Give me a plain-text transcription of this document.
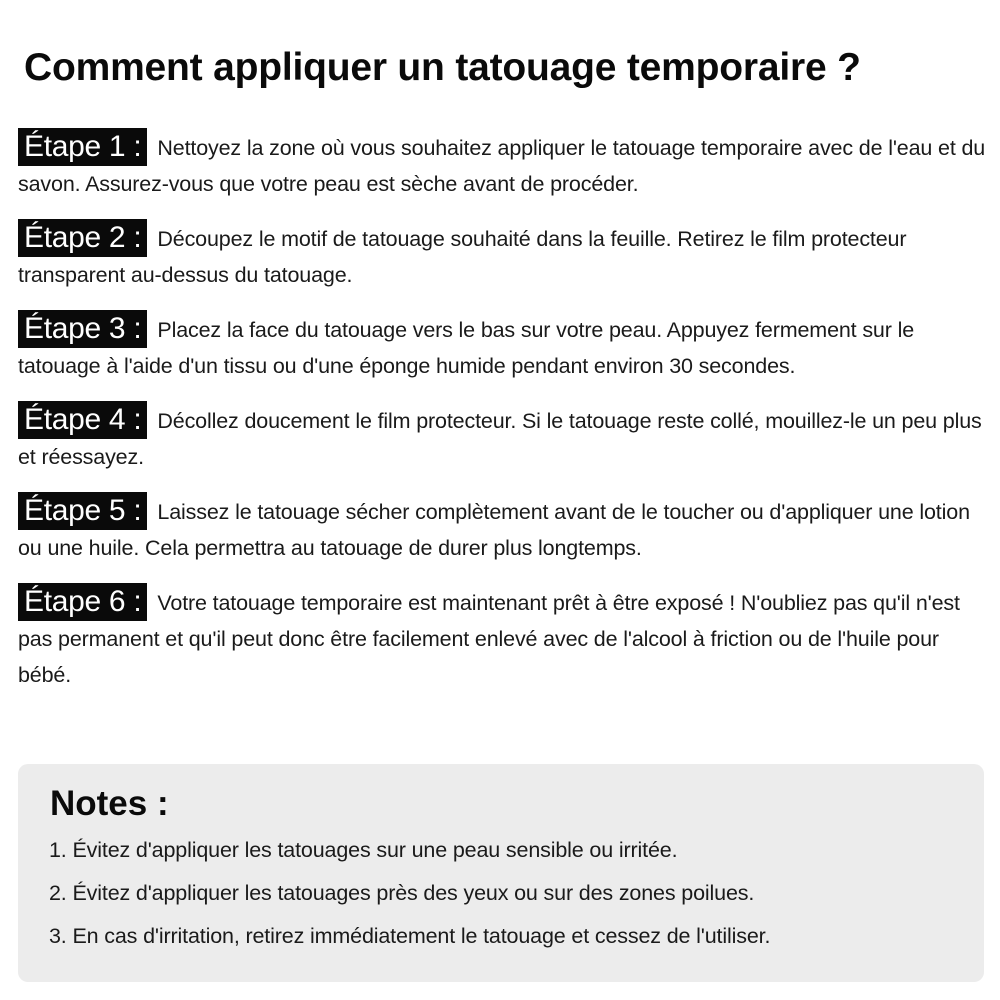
Comment appliquer un tatouage temporaire ?

Étape 1 : Nettoyez la zone où vous souhaitez appliquer le tatouage temporaire avec de l'eau et du savon. Assurez-vous que votre peau est sèche avant de procéder.

Étape 2 : Découpez le motif de tatouage souhaité dans la feuille. Retirez le film protecteur transparent au-dessus du tatouage.

Étape 3 : Placez la face du tatouage vers le bas sur votre peau. Appuyez fermement sur le tatouage à l'aide d'un tissu ou d'une éponge humide pendant environ 30 secondes.

Étape 4 : Décollez doucement le film protecteur. Si le tatouage reste collé, mouillez-le un peu plus et réessayez.

Étape 5 : Laissez le tatouage sécher complètement avant de le toucher ou d'appliquer une lotion ou une huile. Cela permettra au tatouage de durer plus longtemps.

Étape 6 : Votre tatouage temporaire est maintenant prêt à être exposé ! N'oubliez pas qu'il n'est pas permanent et qu'il peut donc être facilement enlevé avec de l'alcool à friction ou de l'huile pour bébé.

Notes :
1. Évitez d'appliquer les tatouages sur une peau sensible ou irritée.
2. Évitez d'appliquer les tatouages près des yeux ou sur des zones poilues.
3. En cas d'irritation, retirez immédiatement le tatouage et cessez de l'utiliser.
